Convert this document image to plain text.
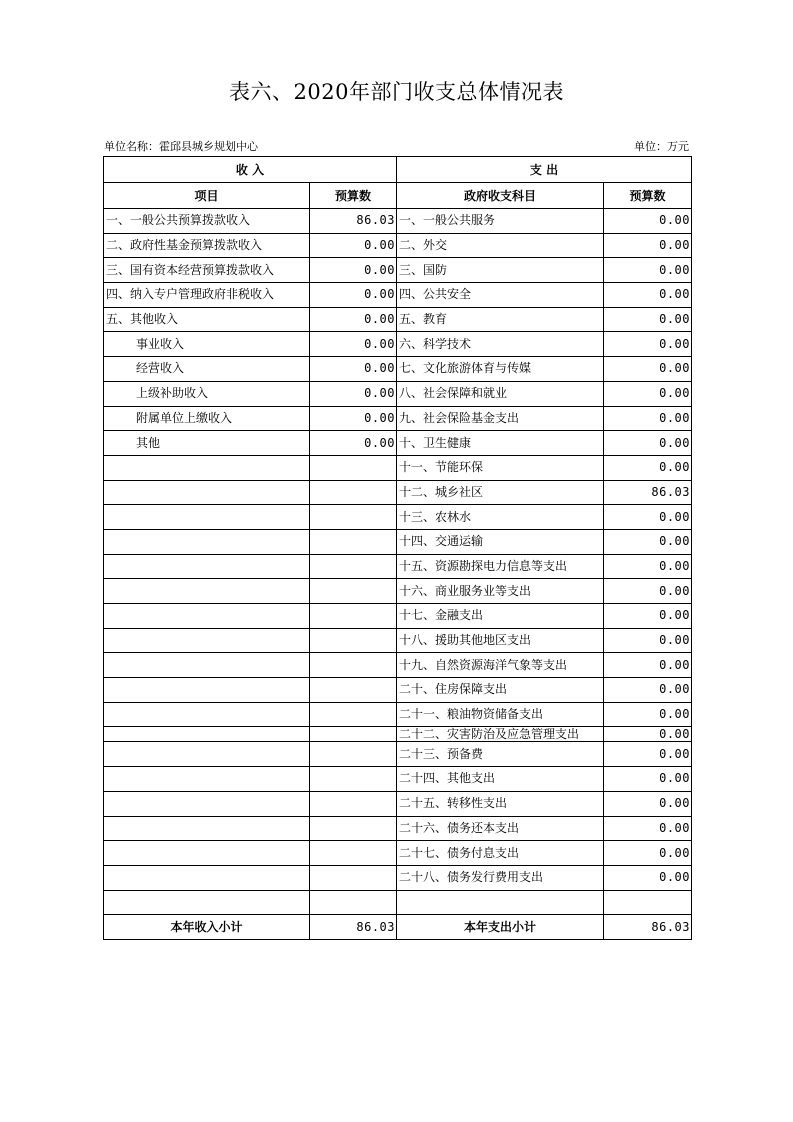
表六、2020年部门收支总体情况表
单位名称：霍邱县城乡规划中心	单位：万元
收 入		支 出	
项目	预算数	政府收支科目	预算数
一、一般公共预算拨款收入	86.03	一、一般公共服务	0.00
二、政府性基金预算拨款收入	0.00	二、外交	0.00
三、国有资本经营预算拨款收入	0.00	三、国防	0.00
四、纳入专户管理政府非税收入	0.00	四、公共安全	0.00
五、其他收入	0.00	五、教育	0.00
事业收入	0.00	六、科学技术	0.00
经营收入	0.00	七、文化旅游体育与传媒	0.00
上级补助收入	0.00	八、社会保障和就业	0.00
附属单位上缴收入	0.00	九、社会保险基金支出	0.00
其他	0.00	十、卫生健康	0.00
		十一、节能环保	0.00
		十二、城乡社区	86.03
		十三、农林水	0.00
		十四、交通运输	0.00
		十五、资源勘探电力信息等支出	0.00
		十六、商业服务业等支出	0.00
		十七、金融支出	0.00
		十八、援助其他地区支出	0.00
		十九、自然资源海洋气象等支出	0.00
		二十、住房保障支出	0.00
		二十一、粮油物资储备支出	0.00
		二十二、灾害防治及应急管理支出	0.00
		二十三、预备费	0.00
		二十四、其他支出	0.00
		二十五、转移性支出	0.00
		二十六、债务还本支出	0.00
		二十七、债务付息支出	0.00
		二十八、债务发行费用支出	0.00

本年收入小计	86.03	本年支出小计	86.03
